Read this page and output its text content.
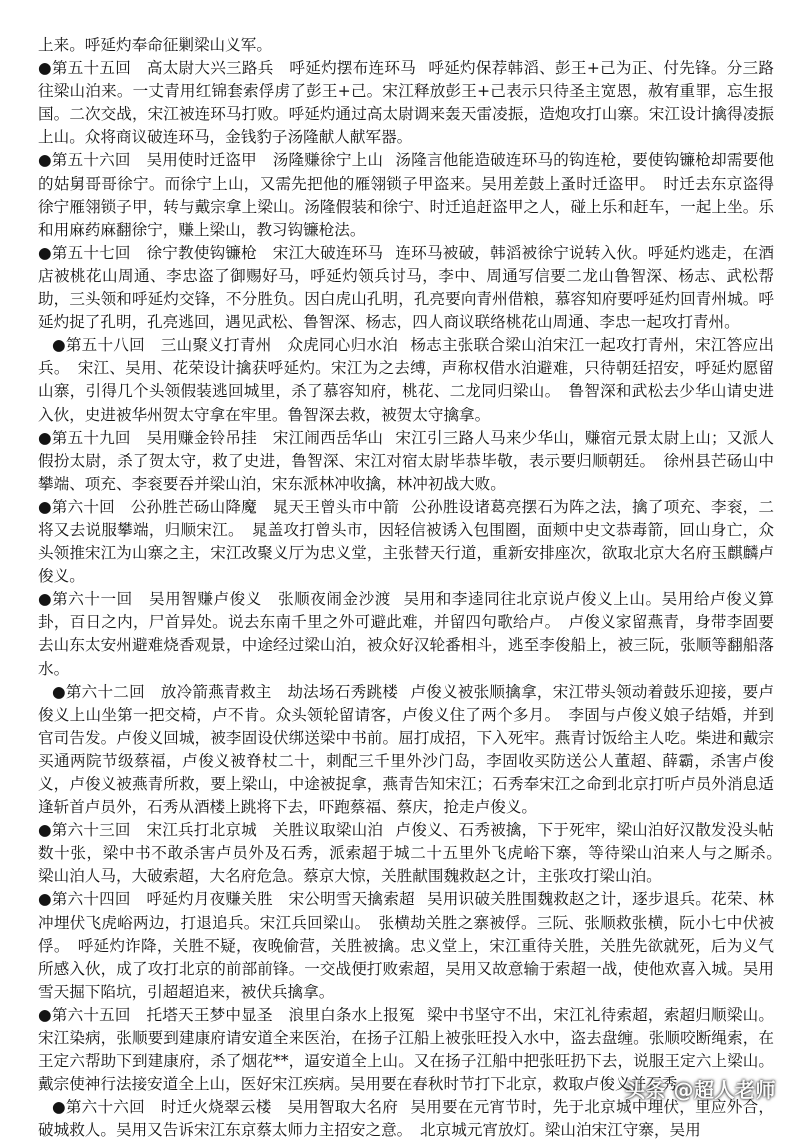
上来。呼延灼奉命征剿梁山义军。

●第五十五回　高太尉大兴三路兵　呼延灼摆布连环马 呼延灼保荐韩滔、彭王+己为正、付先锋。分三路往梁山泊来。一丈青用红锦套索俘虏了彭王+己。宋江释放彭王+己表示只待圣主宽恩，赦宥重罪，忘生报国。二次交战，宋江被连环马打败。呼延灼通过高太尉调来轰天雷凌振，造炮攻打山寨。宋江设计擒得凌振上山。众将商议破连环马，金钱豹子汤隆献人献军器。

●第五十六回　吴用使时迁盗甲　汤隆赚徐宁上山 汤隆言他能造破连环马的钩连枪，要使钩镰枪却需要他的姑舅哥哥徐宁。而徐宁上山，又需先把他的雁翎锁子甲盗来。吴用差鼓上蚤时迁盗甲。　时迁去东京盗得徐宁雁翎锁子甲，转与戴宗拿上梁山。汤隆假装和徐宁、时迁追赶盗甲之人，碰上乐和赶车，一起上坐。乐和用麻药麻翻徐宁，赚上梁山，教习钩镰枪法。

●第五十七回　徐宁教使钩镰枪　宋江大破连环马 连环马被破，韩滔被徐宁说转入伙。呼延灼逃走，在酒店被桃花山周通、李忠盗了御赐好马，呼延灼领兵讨马，李中、周通写信要二龙山鲁智深、杨志、武松帮助，三头领和呼延灼交锋，不分胜负。因白虎山孔明，孔亮要向青州借粮，慕容知府要呼延灼回青州城。呼延灼捉了孔明，孔亮逃回，遇见武松、鲁智深、杨志，四人商议联络桃花山周通、李忠一起攻打青州。

●第五十八回　三山聚义打青州　众虎同心归水泊 杨志主张联合梁山泊宋江一起攻打青州，宋江答应出兵。　宋江、吴用、花荣设计擒获呼延灼。宋江为之去缚，声称权借水泊避难，只待朝廷招安，呼延灼愿留山寨，引得几个头领假装逃回城里，杀了慕容知府，桃花、二龙同归梁山。　鲁智深和武松去少华山请史进入伙，史进被华州贺太守拿在牢里。鲁智深去救，被贺太守擒拿。

●第五十九回　吴用赚金铃吊挂　宋江闹西岳华山 宋江引三路人马来少华山，赚宿元景太尉上山；又派人假扮太尉，杀了贺太守，救了史进，鲁智深、宋江对宿太尉毕恭毕敬，表示要归顺朝廷。　徐州县芒砀山中攀端、项充、李衮要吞并梁山泊，宋东派林冲收擒，林冲初战大败。

●第六十回　公孙胜芒砀山降魔　晁天王曾头市中箭 公孙胜设诸葛亮摆石为阵之法，擒了项充、李衮，二将又去说服攀端，归顺宋江。　晁盖攻打曾头市，因轻信被诱入包围圈，面颊中史文恭毒箭，回山身亡，众头领推宋江为山寨之主，宋江改聚义厅为忠义堂，主张替天行道，重新安排座次，欲取北京大名府玉麒麟卢俊义。

●第六十一回　吴用智赚卢俊义　张顺夜闹金沙渡 吴用和李逵同往北京说卢俊义上山。吴用给卢俊义算卦，百日之内，尸首异处。说去东南千里之外可避此难，并留四句歌给卢。　卢俊义家留燕青，身带李固要去山东太安州避难烧香观景，中途经过梁山泊，被众好汉轮番相斗，逃至李俊船上，被三阮，张顺等翻船落水。

●第六十二回　放冷箭燕青救主　劫法场石秀跳楼 卢俊义被张顺擒拿，宋江带头领动着鼓乐迎接，要卢俊义上山坐第一把交椅，卢不肯。众头领轮留请客，卢俊义住了两个多月。　李固与卢俊义娘子结婚，并到官司告发。卢俊义回城，被李固设伏绑送梁中书前。屈打成招，下入死牢。燕青讨饭给主人吃。柴进和戴宗买通两院节级蔡福，卢俊义被脊杖二十，刺配三千里外沙门岛，李固收买防送公人董超、薛霸，杀害卢俊义，卢俊义被燕青所救，要上梁山，中途被捉拿，燕青告知宋江；石秀奉宋江之命到北京打听卢员外消息适逢斩首卢员外，石秀从酒楼上跳将下去，吓跑蔡福、蔡庆，抢走卢俊义。

●第六十三回　宋江兵打北京城　关胜议取梁山泊 卢俊义、石秀被擒，下于死牢，梁山泊好汉散发没头帖数十张，梁中书不敢杀害卢员外及石秀，派索超于城二十五里外飞虎峪下寨，等待梁山泊来人与之厮杀。　梁山泊人马，大破索超，大名府危急。蔡京大惊，关胜献围魏救赵之计，主张攻打梁山泊。

●第六十四回　呼延灼月夜赚关胜　宋公明雪天擒索超 吴用识破关胜围魏救赵之计，逐步退兵。花荣、林冲埋伏飞虎峪两边，打退追兵。宋江兵回梁山。　张横劫关胜之寨被俘。三阮、张顺救张横，阮小七中伏被俘。　呼延灼诈降，关胜不疑，夜晚偷营，关胜被擒。忠义堂上，宋江重待关胜，关胜先欲就死，后为义气所感入伙，成了攻打北京的前部前锋。一交战便打败索超，吴用又故意输于索超一战，使他欢喜入城。吴用雪天掘下陷坑，引超超追来，被伏兵擒拿。

●第六十五回　托塔天王梦中显圣　浪里白条水上报冤 梁中书坚守不出，宋江礼待索超，索超归顺梁山。宋江染病，张顺要到建康府请安道全来医治，在扬子江船上被张旺投入水中，盗去盘缠。张顺咬断绳索，在王定六帮助下到建康府，杀了烟花**，逼安道全上山。又在扬子江船中把张旺扔下去，说服王定六上梁山。戴宗使神行法接安道全上山，医好宋江疾病。吴用要在春秋时节打下北京，救取卢俊义并石秀。

●第六十六回　时迁火烧翠云楼　吴用智取大名府 吴用要在元宵节时，先于北京城中埋伏，里应外合，破城救人。吴用又告诉宋江东京蔡太师力主招安之意。　北京城元宵放灯。梁山泊宋江守寨，吴用

头条 @超人老师
